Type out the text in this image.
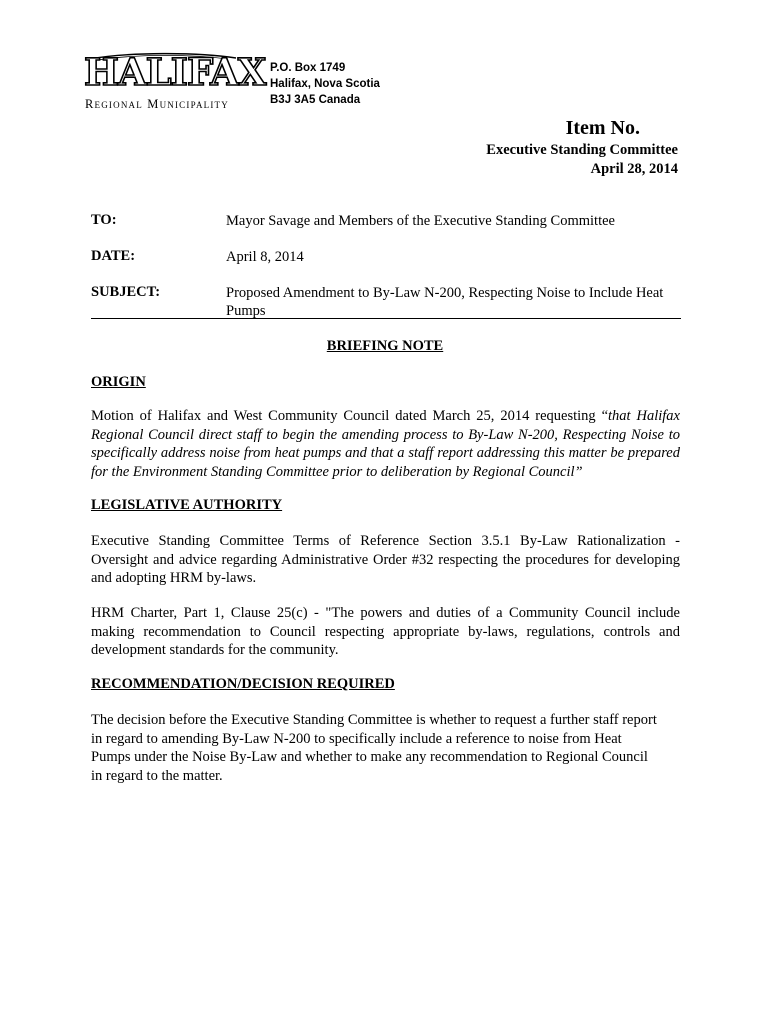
HALIFAX
Regional Municipality
P.O. Box 1749
Halifax, Nova Scotia
B3J 3A5 Canada
Item No.
Executive Standing Committee
April 28, 2014
TO:	Mayor Savage and Members of the Executive Standing Committee
DATE:	April 8, 2014
SUBJECT:	Proposed Amendment to By-Law N-200, Respecting Noise to Include Heat Pumps
BRIEFING NOTE
ORIGIN
Motion of Halifax and West Community Council dated March 25, 2014 requesting “that Halifax Regional Council direct staff to begin the amending process to By-Law N-200, Respecting Noise to specifically address noise from heat pumps and that a staff report addressing this matter be prepared for the Environment Standing Committee prior to deliberation by Regional Council”
LEGISLATIVE AUTHORITY
Executive Standing Committee Terms of Reference Section 3.5.1 By-Law Rationalization - Oversight and advice regarding Administrative Order #32 respecting the procedures for developing and adopting HRM by-laws.
HRM Charter, Part 1, Clause 25(c) - "The powers and duties of a Community Council include making recommendation to Council respecting appropriate by-laws, regulations, controls and development standards for the community.
RECOMMENDATION/DECISION REQUIRED
The decision before the Executive Standing Committee is whether to request a further staff report in regard to amending By-Law N-200 to specifically include a reference to noise from Heat Pumps under the Noise By-Law and whether to make any recommendation to Regional Council in regard to the matter.
